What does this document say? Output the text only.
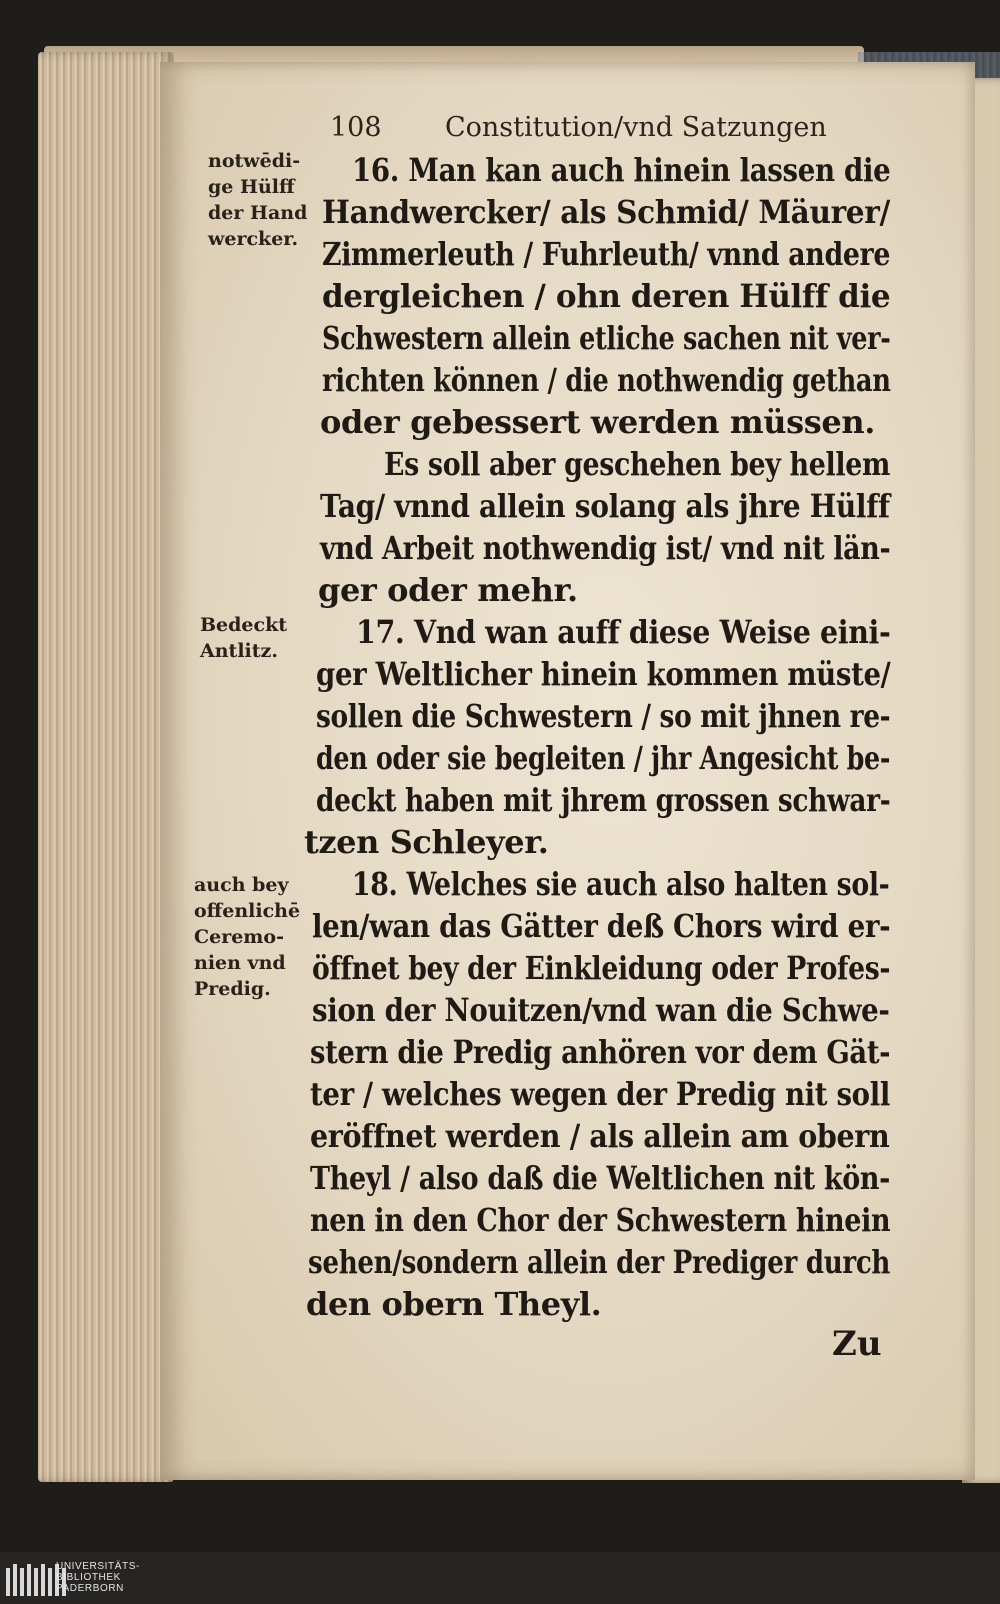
108 Constitution/vnd Satzungen
notwēdi-
ge Hülff
der Hand
wercker.
Bedeckt
Antlitz.
auch bey
offenlichē
Ceremo-
nien vnd
Predig.
16. Man kan auch hinein lassen die
Handwercker/ als Schmid/ Mäurer/
Zimmerleuth / Fuhrleuth/ vnnd andere
dergleichen / ohn deren Hülff die
Schwestern allein etliche sachen nit ver-
richten können / die nothwendig gethan
oder gebessert werden müssen.
Es soll aber geschehen bey hellem
Tag/ vnnd allein solang als jhre Hülff
vnd Arbeit nothwendig ist/ vnd nit län-
ger oder mehr.
17. Vnd wan auff diese Weise eini-
ger Weltlicher hinein kommen müste/
sollen die Schwestern / so mit jhnen re-
den oder sie begleiten / jhr Angesicht be-
deckt haben mit jhrem grossen schwar-
tzen Schleyer.
18. Welches sie auch also halten sol-
len/wan das Gätter deß Chors wird er-
öffnet bey der Einkleidung oder Profes-
sion der Nouitzen/vnd wan die Schwe-
stern die Predig anhören vor dem Gät-
ter / welches wegen der Predig nit soll
eröffnet werden / als allein am obern
Theyl / also daß die Weltlichen nit kön-
nen in den Chor der Schwestern hinein
sehen/sondern allein der Prediger durch
den obern Theyl.
Zu
UNIVERSITÄTS-
BIBLIOTHEK
PADERBORN
